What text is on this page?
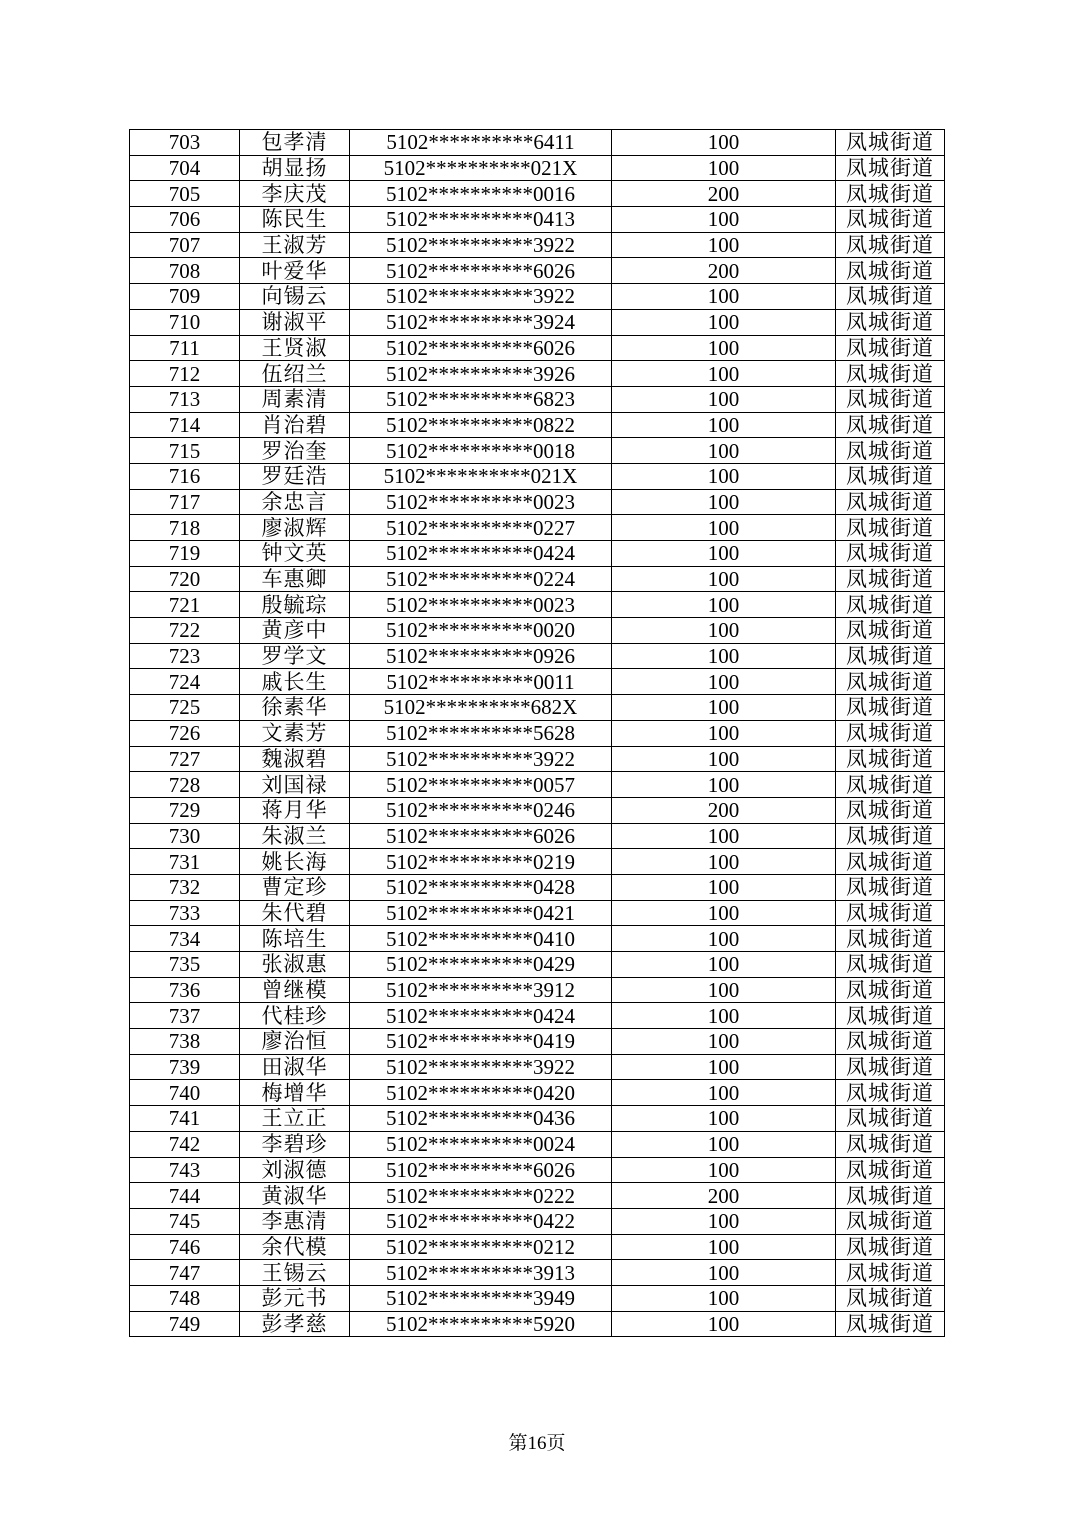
703	包孝清	5102**********6411	100	凤城街道
704	胡显扬	5102**********021X	100	凤城街道
705	李庆茂	5102**********0016	200	凤城街道
706	陈民生	5102**********0413	100	凤城街道
707	王淑芳	5102**********3922	100	凤城街道
708	叶爱华	5102**********6026	200	凤城街道
709	向锡云	5102**********3922	100	凤城街道
710	谢淑平	5102**********3924	100	凤城街道
711	王贤淑	5102**********6026	100	凤城街道
712	伍绍兰	5102**********3926	100	凤城街道
713	周素清	5102**********6823	100	凤城街道
714	肖治碧	5102**********0822	100	凤城街道
715	罗治奎	5102**********0018	100	凤城街道
716	罗廷浩	5102**********021X	100	凤城街道
717	余忠言	5102**********0023	100	凤城街道
718	廖淑辉	5102**********0227	100	凤城街道
719	钟文英	5102**********0424	100	凤城街道
720	车惠卿	5102**********0224	100	凤城街道
721	殷毓琮	5102**********0023	100	凤城街道
722	黄彦中	5102**********0020	100	凤城街道
723	罗学文	5102**********0926	100	凤城街道
724	戚长生	5102**********0011	100	凤城街道
725	徐素华	5102**********682X	100	凤城街道
726	文素芳	5102**********5628	100	凤城街道
727	魏淑碧	5102**********3922	100	凤城街道
728	刘国禄	5102**********0057	100	凤城街道
729	蒋月华	5102**********0246	200	凤城街道
730	朱淑兰	5102**********6026	100	凤城街道
731	姚长海	5102**********0219	100	凤城街道
732	曹定珍	5102**********0428	100	凤城街道
733	朱代碧	5102**********0421	100	凤城街道
734	陈培生	5102**********0410	100	凤城街道
735	张淑惠	5102**********0429	100	凤城街道
736	曾继模	5102**********3912	100	凤城街道
737	代桂珍	5102**********0424	100	凤城街道
738	廖治恒	5102**********0419	100	凤城街道
739	田淑华	5102**********3922	100	凤城街道
740	梅增华	5102**********0420	100	凤城街道
741	王立正	5102**********0436	100	凤城街道
742	李碧珍	5102**********0024	100	凤城街道
743	刘淑德	5102**********6026	100	凤城街道
744	黄淑华	5102**********0222	200	凤城街道
745	李惠清	5102**********0422	100	凤城街道
746	余代模	5102**********0212	100	凤城街道
747	王锡云	5102**********3913	100	凤城街道
748	彭元书	5102**********3949	100	凤城街道
749	彭孝慈	5102**********5920	100	凤城街道
第16页
